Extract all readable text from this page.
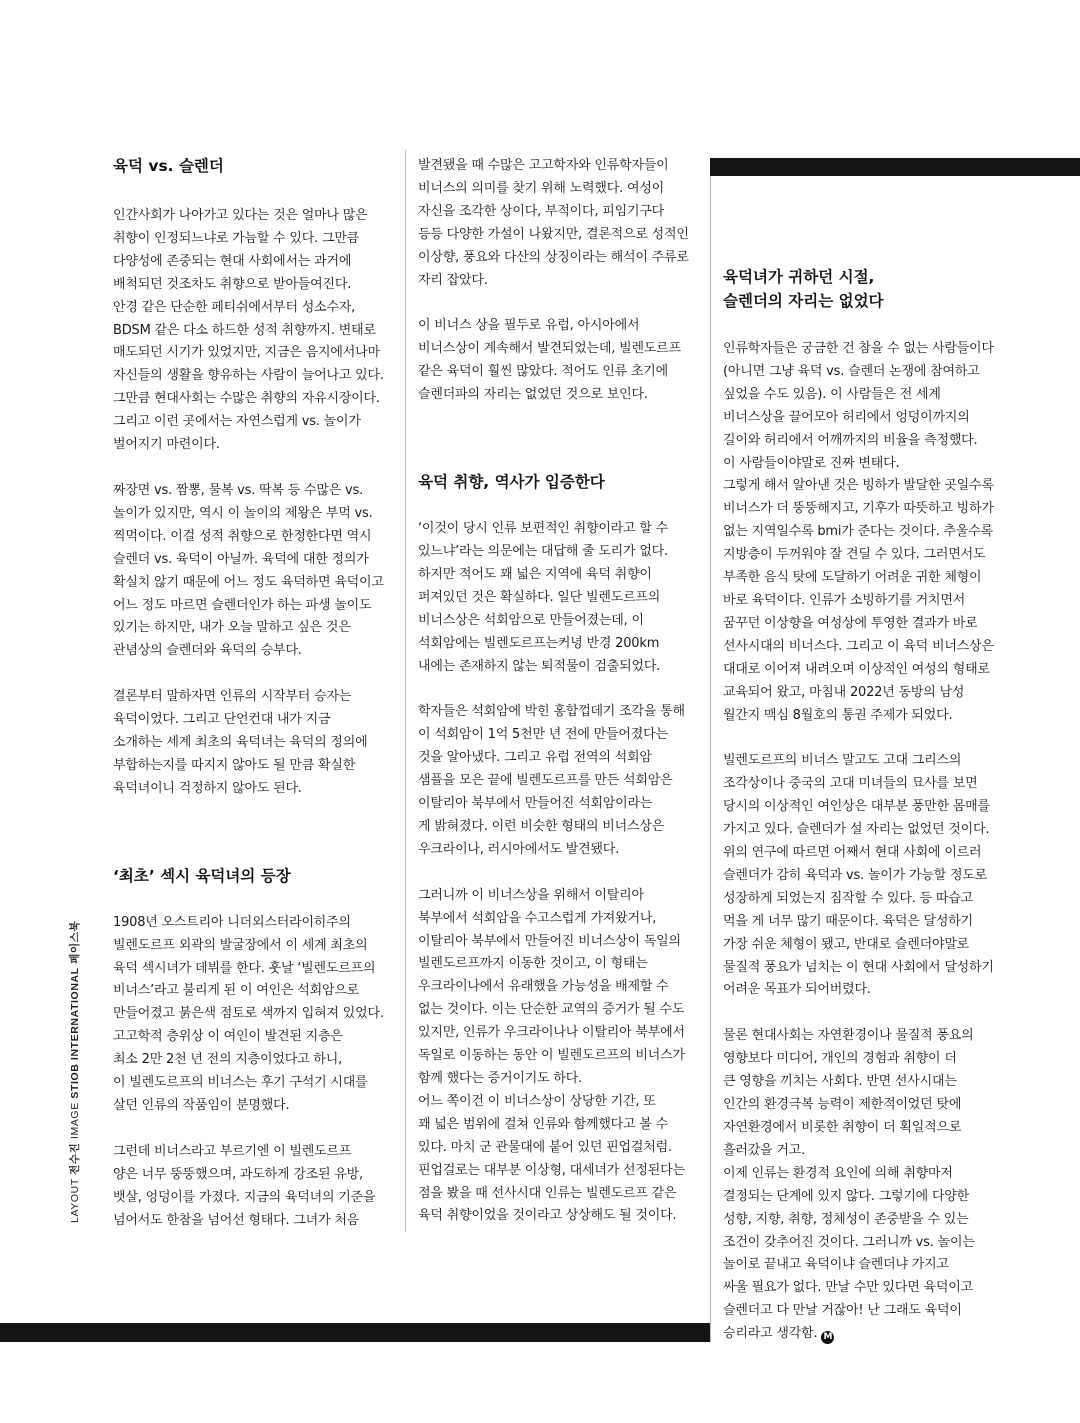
LAYOUT 전수진 IMAGE STIOB INTERNATIONAL 페이스북
육덕 vs. 슬렌더

인간사회가 나아가고 있다는 것은 얼마나 많은
취향이 인정되느냐로 가늠할 수 있다. 그만큼
다양성에 존중되는 현대 사회에서는 과거에
배척되던 것조차도 취향으로 받아들여진다.
안경 같은 단순한 페티쉬에서부터 성소수자,
BDSM 같은 다소 하드한 성적 취향까지. 변태로
매도되던 시기가 있었지만, 지금은 음지에서나마
자신들의 생활을 향유하는 사람이 늘어나고 있다.
그만큼 현대사회는 수많은 취향의 자유시장이다.
그리고 이런 곳에서는 자연스럽게 vs. 놀이가
벌어지기 마련이다.

짜장면 vs. 짬뽕, 물복 vs. 딱복 등 수많은 vs.
놀이가 있지만, 역시 이 놀이의 제왕은 부먹 vs.
찍먹이다. 이걸 성적 취향으로 한정한다면 역시
슬렌더 vs. 육덕이 아닐까. 육덕에 대한 정의가
확실치 않기 때문에 어느 정도 육덕하면 육덕이고
어느 정도 마르면 슬렌더인가 하는 파생 놀이도
있기는 하지만, 내가 오늘 말하고 싶은 것은
관념상의 슬렌더와 육덕의 승부다.

결론부터 말하자면 인류의 시작부터 승자는
육덕이었다. 그리고 단언컨대 내가 지금
소개하는 세계 최초의 육덕녀는 육덕의 정의에
부합하는지를 따지지 않아도 될 만큼 확실한
육덕녀이니 걱정하지 않아도 된다.

‘최초’ 섹시 육덕녀의 등장

1908년 오스트리아 니더외스터라이히주의
빌렌도르프 외곽의 발굴장에서 이 세계 최초의
육덕 섹시녀가 데뷔를 한다. 훗날 ‘빌렌도르프의
비너스’라고 불리게 된 이 여인은 석회암으로
만들어졌고 붉은색 점토로 색까지 입혀져 있었다.
고고학적 층위상 이 여인이 발견된 지층은
최소 2만 2천 년 전의 지층이었다고 하니,
이 빌렌도르프의 비너스는 후기 구석기 시대를
살던 인류의 작품임이 분명했다.

그런데 비너스라고 부르기엔 이 빌렌도르프
양은 너무 뚱뚱했으며, 과도하게 강조된 유방,
뱃살, 엉덩이를 가졌다. 지금의 육덕녀의 기준을
넘어서도 한참을 넘어선 형태다. 그녀가 처음

발견됐을 때 수많은 고고학자와 인류학자들이
비너스의 의미를 찾기 위해 노력했다. 여성이
자신을 조각한 상이다, 부적이다, 피임기구다
등등 다양한 가설이 나왔지만, 결론적으로 성적인
이상향, 풍요와 다산의 상징이라는 해석이 주류로
자리 잡았다.

이 비너스 상을 필두로 유럽, 아시아에서
비너스상이 계속해서 발견되었는데, 빌렌도르프
같은 육덕이 훨씬 많았다. 적어도 인류 초기에
슬렌더파의 자리는 없었던 것으로 보인다.

육덕 취향, 역사가 입증한다

‘이것이 당시 인류 보편적인 취향이라고 할 수
있느냐’라는 의문에는 대답해 줄 도리가 없다.
하지만 적어도 꽤 넓은 지역에 육덕 취향이
퍼져있던 것은 확실하다. 일단 빌렌도르프의
비너스상은 석회암으로 만들어졌는데, 이
석회암에는 빌렌도르프는커녕 반경 200km
내에는 존재하지 않는 퇴적물이 검출되었다.

학자들은 석회암에 박힌 홍합껍데기 조각을 통해
이 석회암이 1억 5천만 년 전에 만들어졌다는
것을 알아냈다. 그리고 유럽 전역의 석회암
샘플을 모은 끝에 빌렌도르프를 만든 석회암은
이탈리아 북부에서 만들어진 석회암이라는
게 밝혀졌다. 이런 비슷한 형태의 비너스상은
우크라이나, 러시아에서도 발견됐다.

그러니까 이 비너스상을 위해서 이탈리아
북부에서 석회암을 수고스럽게 가져왔거나,
이탈리아 북부에서 만들어진 비너스상이 독일의
빌렌도르프까지 이동한 것이고, 이 형태는
우크라이나에서 유래했을 가능성을 배제할 수
없는 것이다. 이는 단순한 교역의 증거가 될 수도
있지만, 인류가 우크라이나나 이탈리아 북부에서
독일로 이동하는 동안 이 빌렌도르프의 비너스가
함께 했다는 증거이기도 하다.
어느 쪽이건 이 비너스상이 상당한 기간, 또
꽤 넓은 범위에 걸쳐 인류와 함께했다고 볼 수
있다. 마치 군 관물대에 붙어 있던 핀업걸처럼.
핀업걸로는 대부분 이상형, 대세녀가 선정된다는
점을 봤을 때 선사시대 인류는 빌렌도르프 같은
육덕 취향이었을 것이라고 상상해도 될 것이다.

육덕녀가 귀하던 시절,
슬렌더의 자리는 없었다

인류학자들은 궁금한 건 참을 수 없는 사람들이다
(아니면 그냥 육덕 vs. 슬렌더 논쟁에 참여하고
싶었을 수도 있음). 이 사람들은 전 세계
비너스상을 끌어모아 허리에서 엉덩이까지의
길이와 허리에서 어깨까지의 비율을 측정했다.
이 사람들이야말로 진짜 변태다.
그렇게 해서 알아낸 것은 빙하가 발달한 곳일수록
비너스가 더 뚱뚱해지고, 기후가 따뜻하고 빙하가
없는 지역일수록 bmi가 준다는 것이다. 추울수록
지방층이 두꺼워야 잘 견딜 수 있다. 그러면서도
부족한 음식 탓에 도달하기 어려운 귀한 체형이
바로 육덕이다. 인류가 소빙하기를 거치면서
꿈꾸던 이상향을 여성상에 투영한 결과가 바로
선사시대의 비너스다. 그리고 이 육덕 비너스상은
대대로 이어져 내려오며 이상적인 여성의 형태로
교육되어 왔고, 마침내 2022년 동방의 남성
월간지 맥심 8월호의 통권 주제가 되었다.

빌렌도르프의 비너스 말고도 고대 그리스의
조각상이나 중국의 고대 미녀들의 묘사를 보면
당시의 이상적인 여인상은 대부분 풍만한 몸매를
가지고 있다. 슬렌더가 설 자리는 없었던 것이다.
위의 연구에 따르면 어째서 현대 사회에 이르러
슬렌더가 감히 육덕과 vs. 놀이가 가능할 정도로
성장하게 되었는지 짐작할 수 있다. 등 따습고
먹을 게 너무 많기 때문이다. 육덕은 달성하기
가장 쉬운 체형이 됐고, 반대로 슬렌더야말로
물질적 풍요가 넘치는 이 현대 사회에서 달성하기
어려운 목표가 되어버렸다.

물론 현대사회는 자연환경이나 물질적 풍요의
영향보다 미디어, 개인의 경험과 취향이 더
큰 영향을 끼치는 사회다. 반면 선사시대는
인간의 환경극복 능력이 제한적이었던 탓에
자연환경에서 비롯한 취향이 더 획일적으로
흘러갔을 거고.
이제 인류는 환경적 요인에 의해 취향마저
결정되는 단계에 있지 않다. 그렇기에 다양한
성향, 지향, 취향, 정체성이 존중받을 수 있는
조건이 갖추어진 것이다. 그러니까 vs. 놀이는
놀이로 끝내고 육덕이냐 슬렌더냐 가지고
싸울 필요가 없다. 만날 수만 있다면 육덕이고
슬렌더고 다 만날 거잖아! 난 그래도 육덕이
승리라고 생각함. M
